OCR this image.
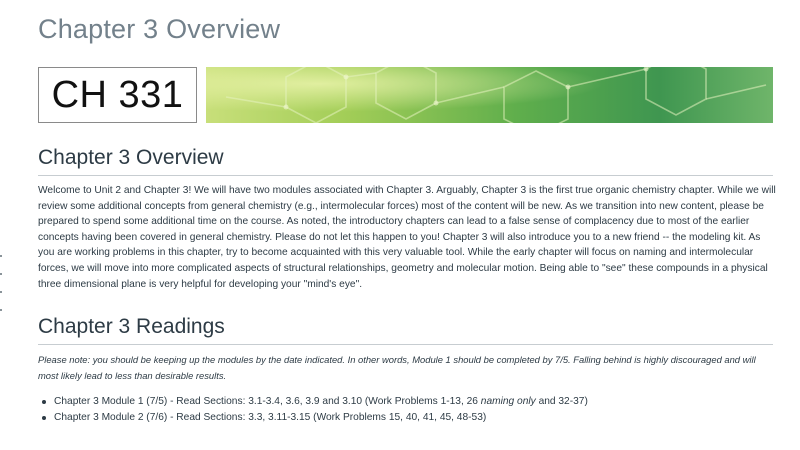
Chapter 3 Overview
CH 331
Chapter 3 Overview

Welcome to Unit 2 and Chapter 3! We will have two modules associated with Chapter 3. Arguably, Chapter 3 is the first true organic chemistry chapter. While we will review some additional concepts from general chemistry (e.g., intermolecular forces) most of the content will be new. As we transition into new content, please be prepared to spend some additional time on the course. As noted, the introductory chapters can lead to a false sense of complacency due to most of the earlier concepts having been covered in general chemistry. Please do not let this happen to you! Chapter 3 will also introduce you to a new friend -- the modeling kit. As you are working problems in this chapter, try to become acquainted with this very valuable tool. While the early chapter will focus on naming and intermolecular forces, we will move into more complicated aspects of structural relationships, geometry and molecular motion. Being able to "see" these compounds in a physical three dimensional plane is very helpful for developing your "mind's eye".

Chapter 3 Readings

Please note: you should be keeping up the modules by the date indicated. In other words, Module 1 should be completed by 7/5. Falling behind is highly discouraged and will most likely lead to less than desirable results.

Chapter 3 Module 1 (7/5) - Read Sections: 3.1-3.4, 3.6, 3.9 and 3.10 (Work Problems 1-13, 26 naming only and 32-37)
Chapter 3 Module 2 (7/6) - Read Sections: 3.3, 3.11-3.15 (Work Problems 15, 40, 41, 45, 48-53)
